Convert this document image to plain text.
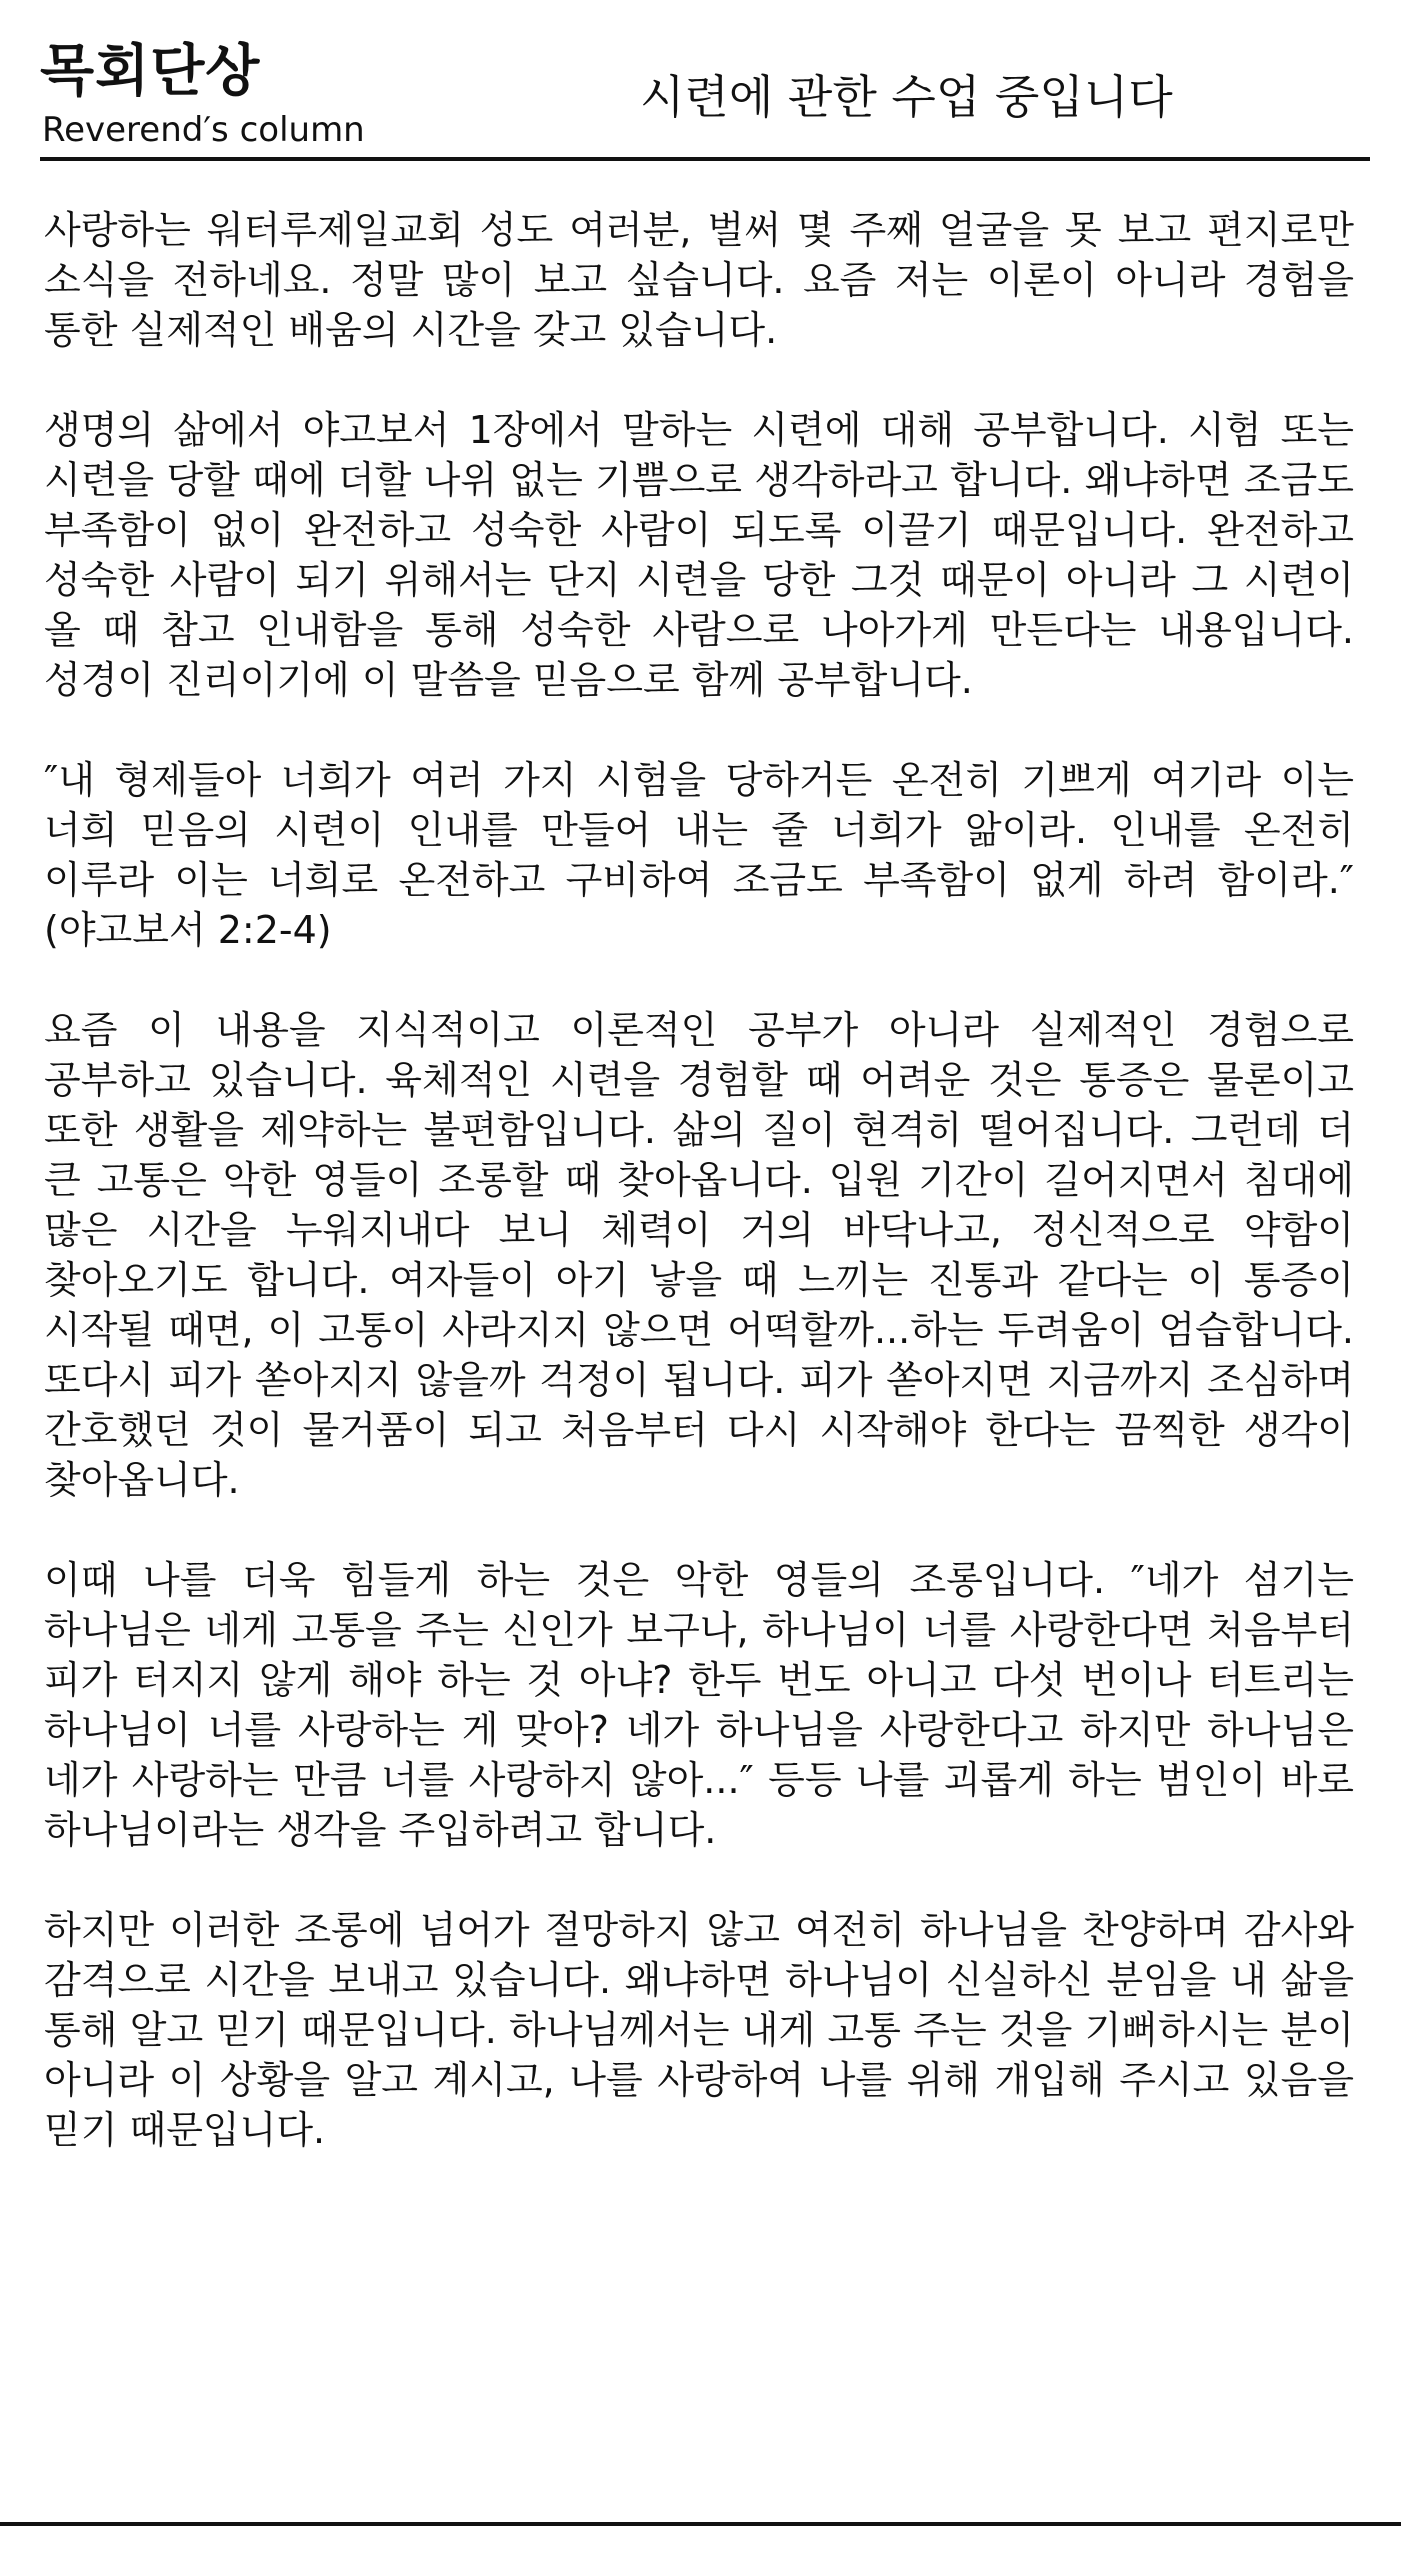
목회단상
Reverend′s column
시련에 관한 수업 중입니다

사랑하는 워터루제일교회 성도 여러분, 벌써 몇 주째 얼굴을 못 보고 편지로만 소식을 전하네요. 정말 많이 보고 싶습니다. 요즘 저는 이론이 아니라 경험을 통한 실제적인 배움의 시간을 갖고 있습니다.

생명의 삶에서 야고보서 1장에서 말하는 시련에 대해 공부합니다. 시험 또는 시련을 당할 때에 더할 나위 없는 기쁨으로 생각하라고 합니다. 왜냐하면 조금도 부족함이 없이 완전하고 성숙한 사람이 되도록 이끌기 때문입니다. 완전하고 성숙한 사람이 되기 위해서는 단지 시련을 당한 그것 때문이 아니라 그 시련이 올 때 참고 인내함을 통해 성숙한 사람으로 나아가게 만든다는 내용입니다. 성경이 진리이기에 이 말씀을 믿음으로 함께 공부합니다.

″내 형제들아 너희가 여러 가지 시험을 당하거든 온전히 기쁘게 여기라 이는 너희 믿음의 시련이 인내를 만들어 내는 줄 너희가 앎이라. 인내를 온전히 이루라 이는 너희로 온전하고 구비하여 조금도 부족함이 없게 하려 함이라.″ (야고보서 2:2-4)

요즘 이 내용을 지식적이고 이론적인 공부가 아니라 실제적인 경험으로 공부하고 있습니다. 육체적인 시련을 경험할 때 어려운 것은 통증은 물론이고 또한 생활을 제약하는 불편함입니다. 삶의 질이 현격히 떨어집니다. 그런데 더 큰 고통은 악한 영들이 조롱할 때 찾아옵니다. 입원 기간이 길어지면서 침대에 많은 시간을 누워지내다 보니 체력이 거의 바닥나고, 정신적으로 약함이 찾아오기도 합니다. 여자들이 아기 낳을 때 느끼는 진통과 같다는 이 통증이 시작될 때면, 이 고통이 사라지지 않으면 어떡할까...하는 두려움이 엄습합니다. 또다시 피가 쏟아지지 않을까 걱정이 됩니다. 피가 쏟아지면 지금까지 조심하며 간호했던 것이 물거품이 되고 처음부터 다시 시작해야 한다는 끔찍한 생각이 찾아옵니다.

이때 나를 더욱 힘들게 하는 것은 악한 영들의 조롱입니다. ″네가 섬기는 하나님은 네게 고통을 주는 신인가 보구나, 하나님이 너를 사랑한다면 처음부터 피가 터지지 않게 해야 하는 것 아냐? 한두 번도 아니고 다섯 번이나 터트리는 하나님이 너를 사랑하는 게 맞아? 네가 하나님을 사랑한다고 하지만 하나님은 네가 사랑하는 만큼 너를 사랑하지 않아...″ 등등 나를 괴롭게 하는 범인이 바로 하나님이라는 생각을 주입하려고 합니다.

하지만 이러한 조롱에 넘어가 절망하지 않고 여전히 하나님을 찬양하며 감사와 감격으로 시간을 보내고 있습니다. 왜냐하면 하나님이 신실하신 분임을 내 삶을 통해 알고 믿기 때문입니다. 하나님께서는 내게 고통 주는 것을 기뻐하시는 분이 아니라 이 상황을 알고 계시고, 나를 사랑하여 나를 위해 개입해 주시고 있음을 믿기 때문입니다.
